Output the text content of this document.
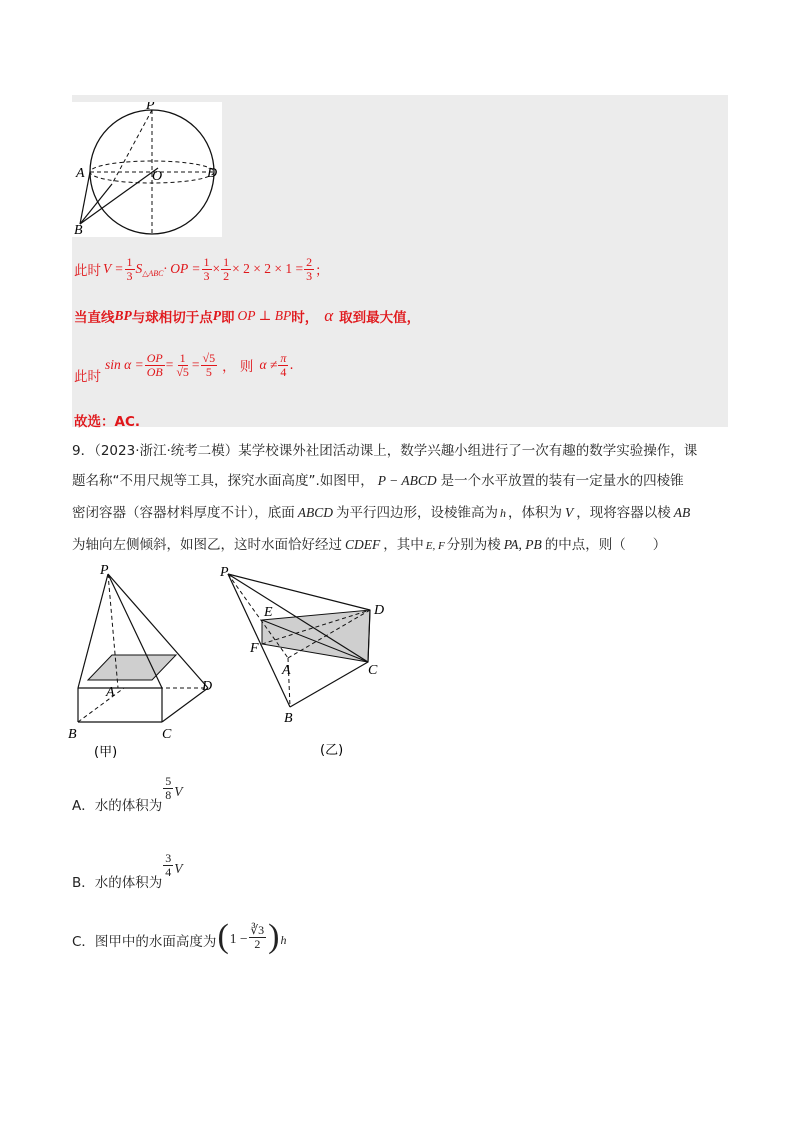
P
A	O	D
B
此时 $V = \frac{1}{3}$ S △ABC · OP = $\frac{1}{3} \times \frac{1}{2} \times 2 \times 2 \times 1 = \frac{2}{3}$ ；
当直线 BP 与球相切于点 P 即 OP ⊥ BP 时， α 取到最大值，
此时
$\sin \alpha = \frac{OP}{OB} = \frac{1}{√5} = \frac{√5}{5}$ ， 则 $\alpha \ne \frac{\pi}{4}$ .
故选：AC.
9．（2023·浙江·统考二模）某学校课外社团活动课上，数学兴趣小组进行了一次有趣的数学实验操作，课
题名称“不用尺规等工具，探究水面高度”.如图甲， P − ABCD 是一个水平放置的装有一定量水的四棱锥
密闭容器（容器材料厚度不计），底面 ABCD 为平行四边形，设棱锥高为 h ，体积为 V ，现将容器以棱 AB
为轴向左侧倾斜，如图乙，这时水面恰好经过 CDEF ，其中 E, F 分别为棱 PA, PB 的中点，则（　　）
P
A
B	C
D
(甲)
P
E
F
A
B
C
D
(乙)
A．水的体积为
$\frac{5}{8}$ V
B．水的体积为
$\frac{3}{4}$ V
C．图甲中的水面高度为 ( $1 - \frac{∛3}{2}$ ) h
